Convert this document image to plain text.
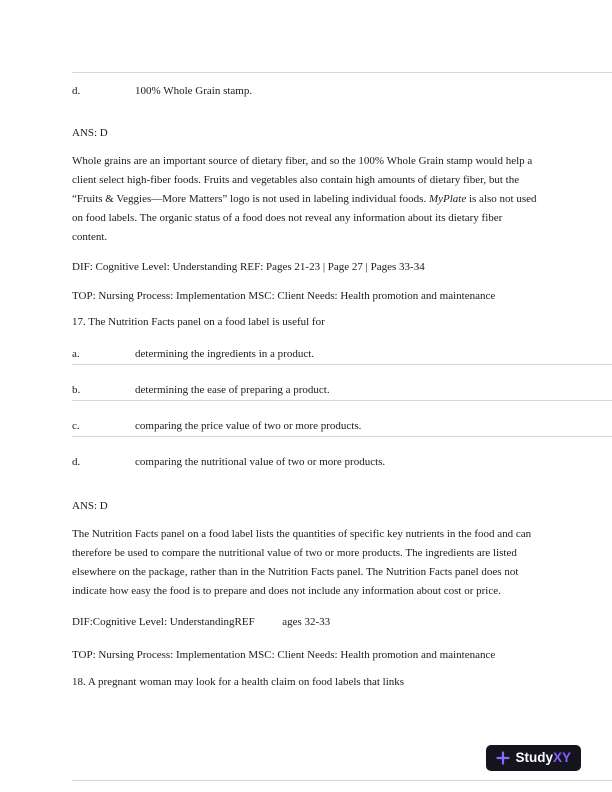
d.	100% Whole Grain stamp.

ANS: D

Whole grains are an important source of dietary fiber, and so the 100% Whole Grain stamp would help a client select high-fiber foods. Fruits and vegetables also contain high amounts of dietary fiber, but the “Fruits & Veggies—More Matters” logo is not used in labeling individual foods. MyPlate is also not used on food labels. The organic status of a food does not reveal any information about its dietary fiber content.

DIF: Cognitive Level: Understanding REF: Pages 21-23 | Page 27 | Pages 33-34

TOP: Nursing Process: Implementation MSC: Client Needs: Health promotion and maintenance

17. The Nutrition Facts panel on a food label is useful for

a.	determining the ingredients in a product.
b.	determining the ease of preparing a product.
c.	comparing the price value of two or more products.
d.	comparing the nutritional value of two or more products.

ANS: D

The Nutrition Facts panel on a food label lists the quantities of specific key nutrients in the food and can therefore be used to compare the nutritional value of two or more products. The ingredients are listed elsewhere on the package, rather than in the Nutrition Facts panel. The Nutrition Facts panel does not indicate how easy the food is to prepare and does not include any information about cost or price.

DIF:Cognitive Level: UnderstandingREF          ages 32-33

TOP: Nursing Process: Implementation MSC: Client Needs: Health promotion and maintenance

18. A pregnant woman may look for a health claim on food labels that links

StudyXY
